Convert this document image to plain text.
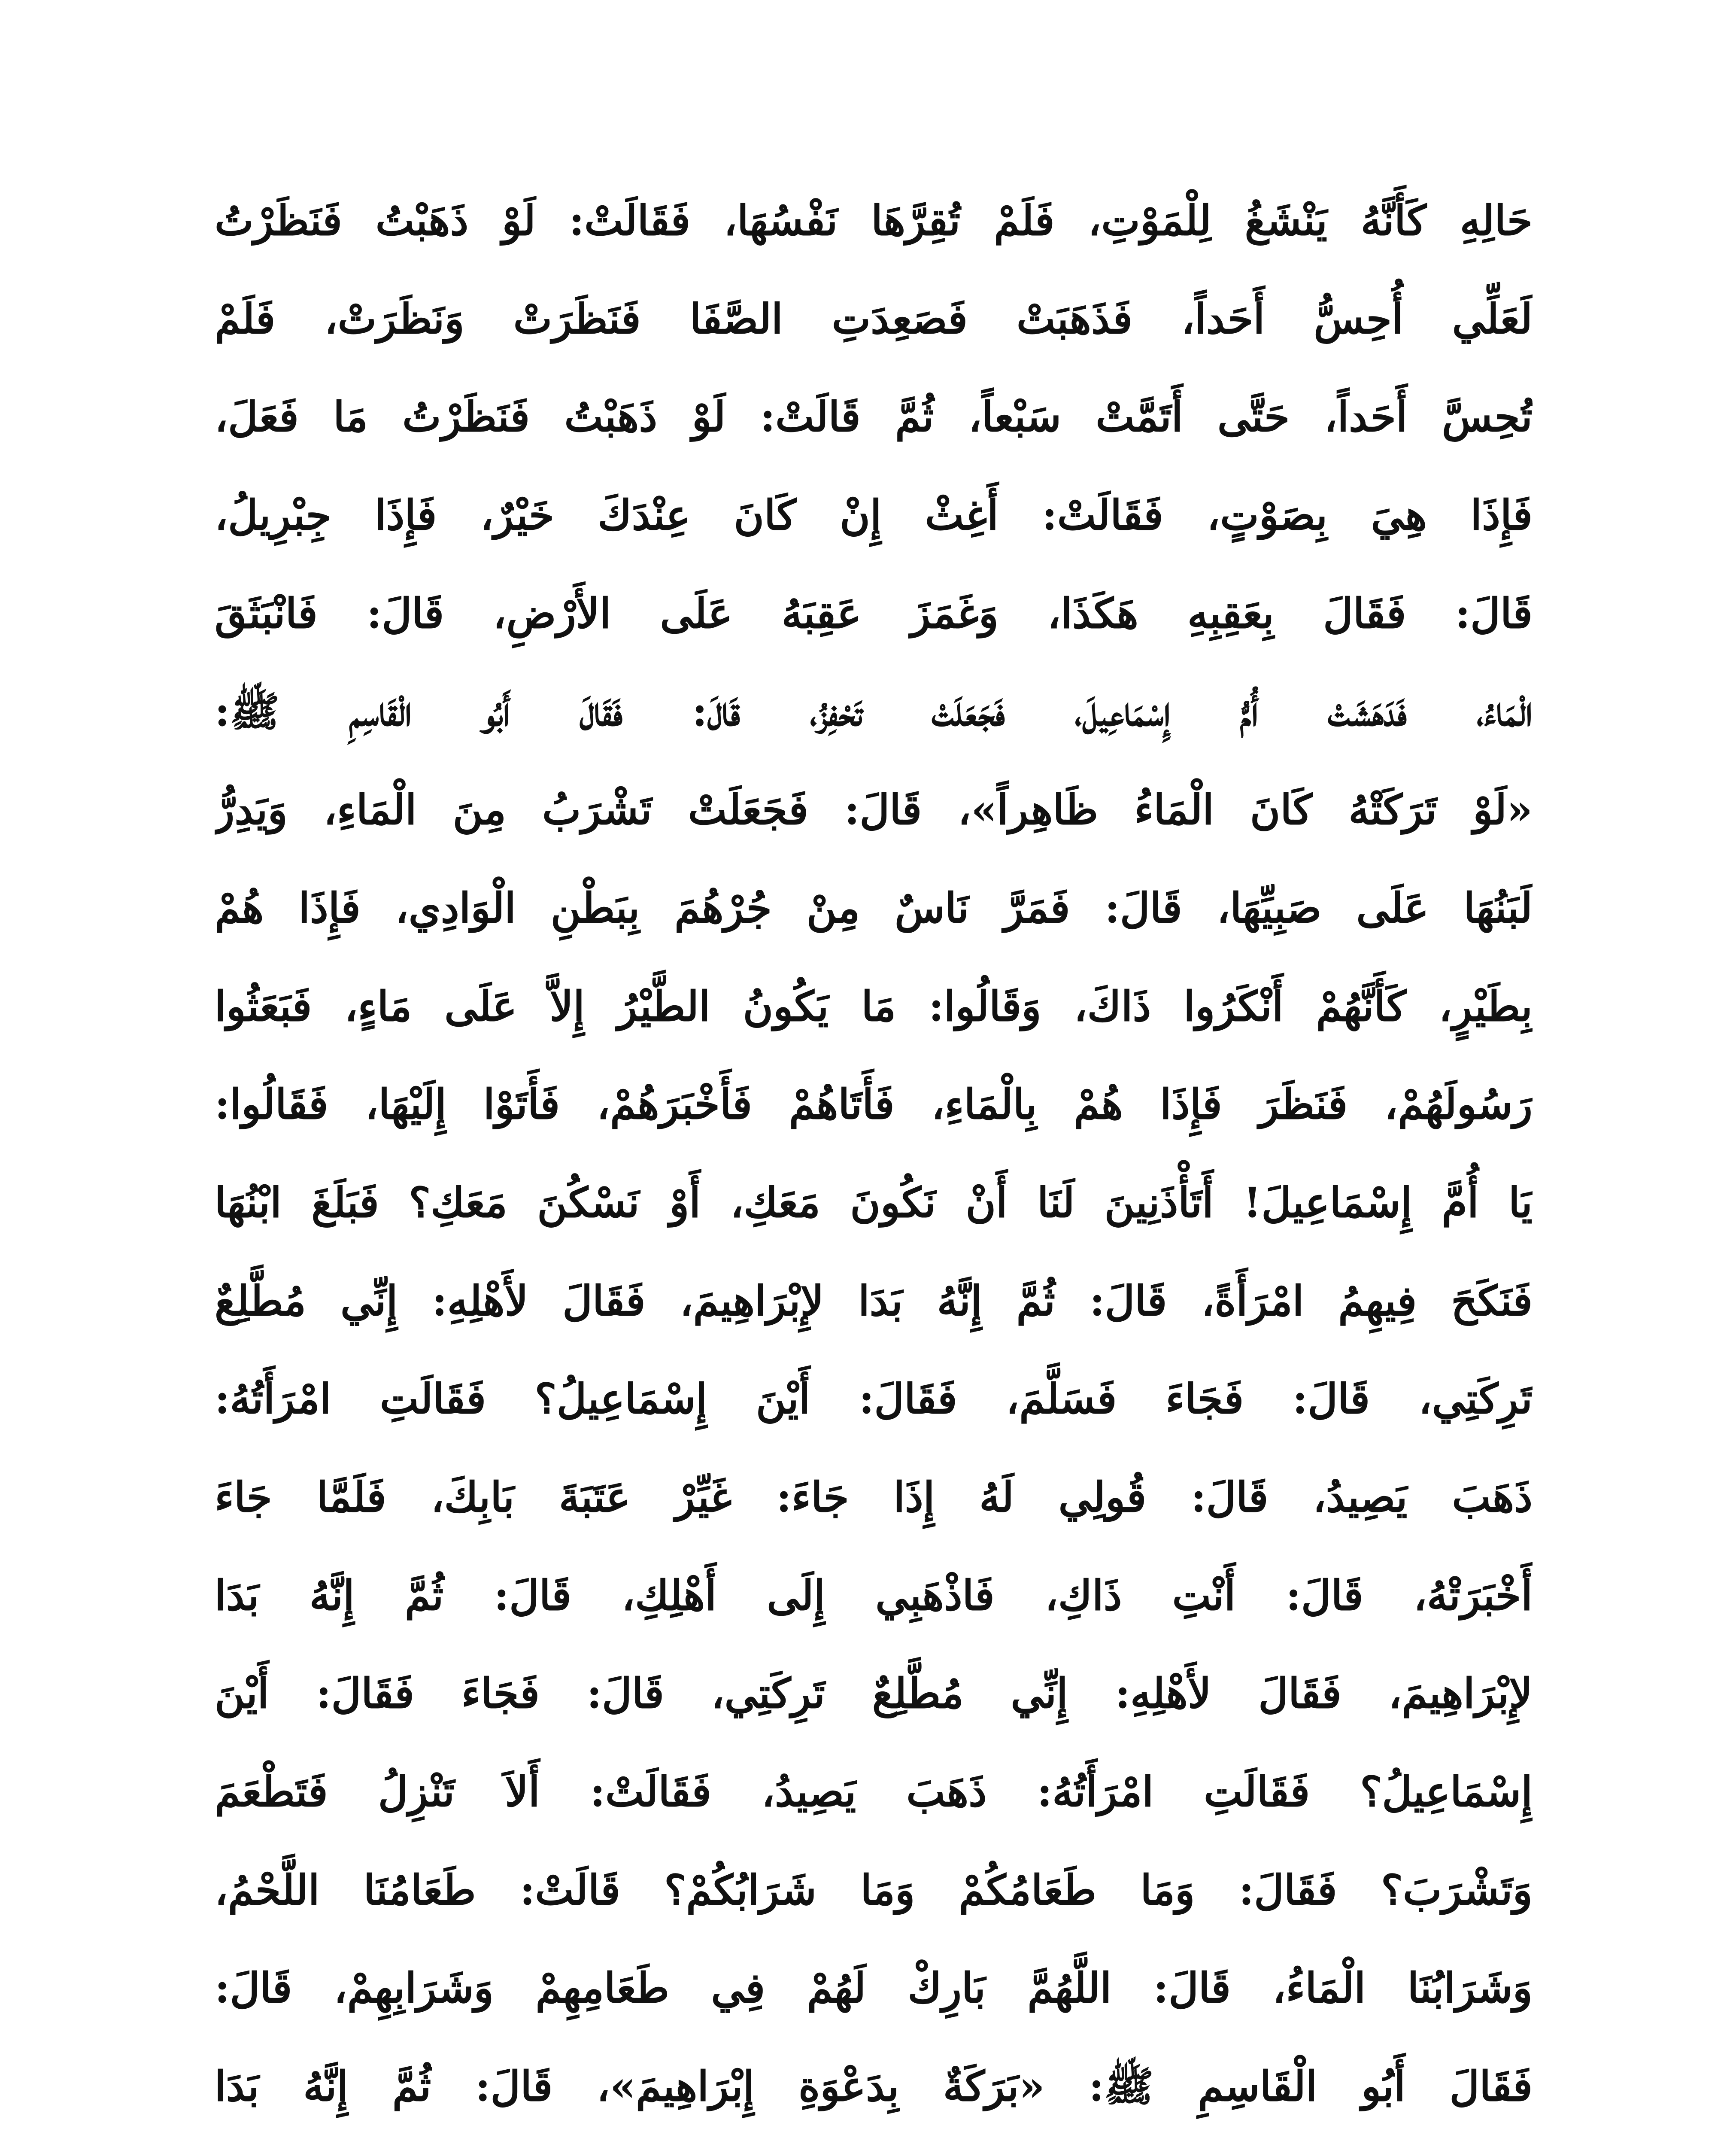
حَالِهِ كَأَنَّهُ يَنْشَغُ لِلْمَوْتِ، فَلَمْ تُقِرَّهَا نَفْسُهَا، فَقَالَتْ: لَوْ ذَهَبْتُ فَنَظَرْتُ
لَعَلِّي أُحِسُّ أَحَداً، فَذَهَبَتْ فَصَعِدَتِ الصَّفَا فَنَظَرَتْ وَنَظَرَتْ، فَلَمْ
تُحِسَّ أَحَداً، حَتَّى أَتَمَّتْ سَبْعاً، ثُمَّ قَالَتْ: لَوْ ذَهَبْتُ فَنَظَرْتُ مَا فَعَلَ،
فَإِذَا هِيَ بِصَوْتٍ، فَقَالَتْ: أَغِثْ إِنْ كَانَ عِنْدَكَ خَيْرٌ، فَإِذَا جِبْرِيلُ،
قَالَ: فَقَالَ بِعَقِبِهِ هَكَذَا، وَغَمَزَ عَقِبَهُ عَلَى الأَرْضِ، قَالَ: فَانْبَثَقَ
الْمَاءُ، فَدَهَشَتْ أُمُّ إِسْمَاعِيلَ، فَجَعَلَتْ تَحْفِزُ، قَالَ: فَقَالَ أَبُو الْقَاسِمِ ﷺ:
«لَوْ تَرَكَتْهُ كَانَ الْمَاءُ ظَاهِراً»، قَالَ: فَجَعَلَتْ تَشْرَبُ مِنَ الْمَاءِ، وَيَدِرُّ
لَبَنُهَا عَلَى صَبِيِّهَا، قَالَ: فَمَرَّ نَاسٌ مِنْ جُرْهُمَ بِبَطْنِ الْوَادِي، فَإِذَا هُمْ
بِطَيْرٍ، كَأَنَّهُمْ أَنْكَرُوا ذَاكَ، وَقَالُوا: مَا يَكُونُ الطَّيْرُ إِلاَّ عَلَى مَاءٍ، فَبَعَثُوا
رَسُولَهُمْ، فَنَظَرَ فَإِذَا هُمْ بِالْمَاءِ، فَأَتَاهُمْ فَأَخْبَرَهُمْ، فَأَتَوْا إِلَيْهَا، فَقَالُوا:
يَا أُمَّ إِسْمَاعِيلَ! أَتَأْذَنِينَ لَنَا أَنْ نَكُونَ مَعَكِ، أَوْ نَسْكُنَ مَعَكِ؟ فَبَلَغَ ابْنُهَا
فَنَكَحَ فِيهِمُ امْرَأَةً، قَالَ: ثُمَّ إِنَّهُ بَدَا لإِبْرَاهِيمَ، فَقَالَ لأَهْلِهِ: إِنِّي مُطَّلِعٌ
تَرِكَتِي، قَالَ: فَجَاءَ فَسَلَّمَ، فَقَالَ: أَيْنَ إِسْمَاعِيلُ؟ فَقَالَتِ امْرَأَتُهُ:
ذَهَبَ يَصِيدُ، قَالَ: قُولِي لَهُ إِذَا جَاءَ: غَيِّرْ عَتَبَةَ بَابِكَ، فَلَمَّا جَاءَ
أَخْبَرَتْهُ، قَالَ: أَنْتِ ذَاكِ، فَاذْهَبِي إِلَى أَهْلِكِ، قَالَ: ثُمَّ إِنَّهُ بَدَا
لإِبْرَاهِيمَ، فَقَالَ لأَهْلِهِ: إِنِّي مُطَّلِعٌ تَرِكَتِي، قَالَ: فَجَاءَ فَقَالَ: أَيْنَ
إِسْمَاعِيلُ؟ فَقَالَتِ امْرَأَتُهُ: ذَهَبَ يَصِيدُ، فَقَالَتْ: أَلاَ تَنْزِلُ فَتَطْعَمَ
وَتَشْرَبَ؟ فَقَالَ: وَمَا طَعَامُكُمْ وَمَا شَرَابُكُمْ؟ قَالَتْ: طَعَامُنَا اللَّحْمُ،
وَشَرَابُنَا الْمَاءُ، قَالَ: اللَّهُمَّ بَارِكْ لَهُمْ فِي طَعَامِهِمْ وَشَرَابِهِمْ، قَالَ:
فَقَالَ أَبُو الْقَاسِمِ ﷺ: «بَرَكَةٌ بِدَعْوَةِ إِبْرَاهِيمَ»، قَالَ: ثُمَّ إِنَّهُ بَدَا
